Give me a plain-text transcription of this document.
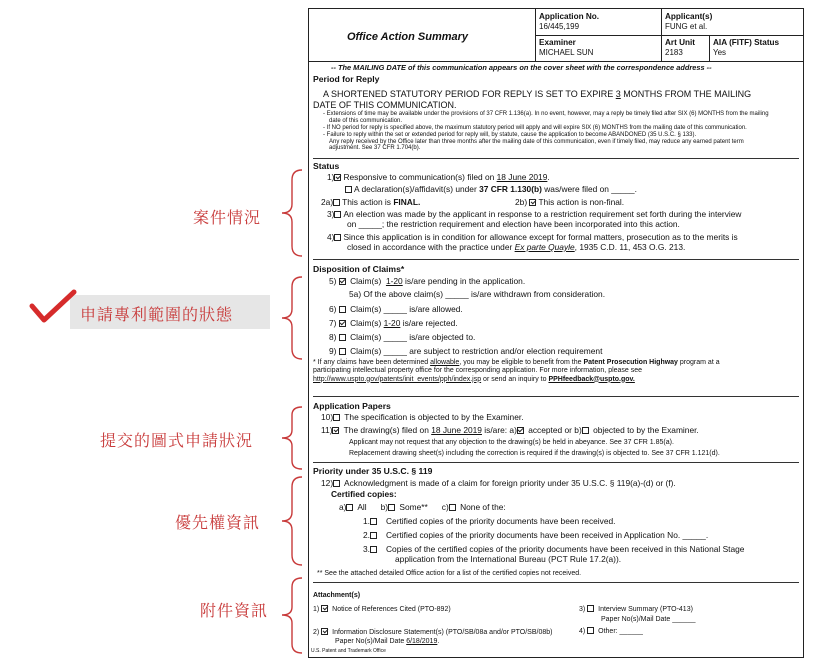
案件情況
申請專利範圍的狀態
提交的圖式申請狀況
優先權資訊
附件資訊
Office Action Summary
Application No.
16/445,199
Applicant(s)
FUNG et al.
Examiner
MICHAEL SUN
Art Unit
2183
AIA (FITF) Status
Yes
-- The MAILING DATE of this communication appears on the cover sheet with the correspondence address --
Period for Reply
A SHORTENED STATUTORY PERIOD FOR REPLY IS SET TO EXPIRE 3 MONTHS FROM THE MAILING
DATE OF THIS COMMUNICATION.
- Extensions of time may be available under the provisions of 37 CFR 1.136(a). In no event, however, may a reply be timely filed after SIX (6) MONTHS from the mailing
date of this communication.
- If NO period for reply is specified above, the maximum statutory period will apply and will expire SIX (6) MONTHS from the mailing date of this communication.
- Failure to reply within the set or extended period for reply will, by statute, cause the application to become ABANDONED (35 U.S.C. § 133).
Any reply received by the Office later than three months after the mailing date of this communication, even if timely filed, may reduce any earned patent term
adjustment. See 37 CFR 1.704(b).
Status
1) Responsive to communication(s) filed on 18 June 2019.
A declaration(s)/affidavit(s) under 37 CFR 1.130(b) was/were filed on _____.
2a) This action is FINAL.	2b) This action is non-final.
3) An election was made by the applicant in response to a restriction requirement set forth during the interview
on _____; the restriction requirement and election have been incorporated into this action.
4) Since this application is in condition for allowance except for formal matters, prosecution as to the merits is
closed in accordance with the practice under Ex parte Quayle, 1935 C.D. 11, 453 O.G. 213.
Disposition of Claims*
5) Claim(s) 1-20 is/are pending in the application.
5a) Of the above claim(s) _____ is/are withdrawn from consideration.
6) Claim(s) _____ is/are allowed.
7) Claim(s) 1-20 is/are rejected.
8) Claim(s) _____ is/are objected to.
9) Claim(s) _____ are subject to restriction and/or election requirement
* If any claims have been determined allowable, you may be eligible to benefit from the Patent Prosecution Highway program at a
participating intellectual property office for the corresponding application. For more information, please see
http://www.uspto.gov/patents/init_events/pph/index.jsp or send an inquiry to PPHfeedback@uspto.gov.
Application Papers
10) The specification is objected to by the Examiner.
11) The drawing(s) filed on 18 June 2019 is/are: a) accepted or b) objected to by the Examiner.
Applicant may not request that any objection to the drawing(s) be held in abeyance. See 37 CFR 1.85(a).
Replacement drawing sheet(s) including the correction is required if the drawing(s) is objected to. See 37 CFR 1.121(d).
Priority under 35 U.S.C. § 119
12) Acknowledgment is made of a claim for foreign priority under 35 U.S.C. § 119(a)-(d) or (f).
Certified copies:
a) All b) Some** c) None of the:
1. Certified copies of the priority documents have been received.
2. Certified copies of the priority documents have been received in Application No. _____.
3. Copies of the certified copies of the priority documents have been received in this National Stage
application from the International Bureau (PCT Rule 17.2(a)).
** See the attached detailed Office action for a list of the certified copies not received.
Attachment(s)
1) Notice of References Cited (PTO-892)
2) Information Disclosure Statement(s) (PTO/SB/08a and/or PTO/SB/08b)
Paper No(s)/Mail Date 6/18/2019.
3) Interview Summary (PTO-413)
Paper No(s)/Mail Date ______
4) Other: ______
U.S. Patent and Trademark Office
